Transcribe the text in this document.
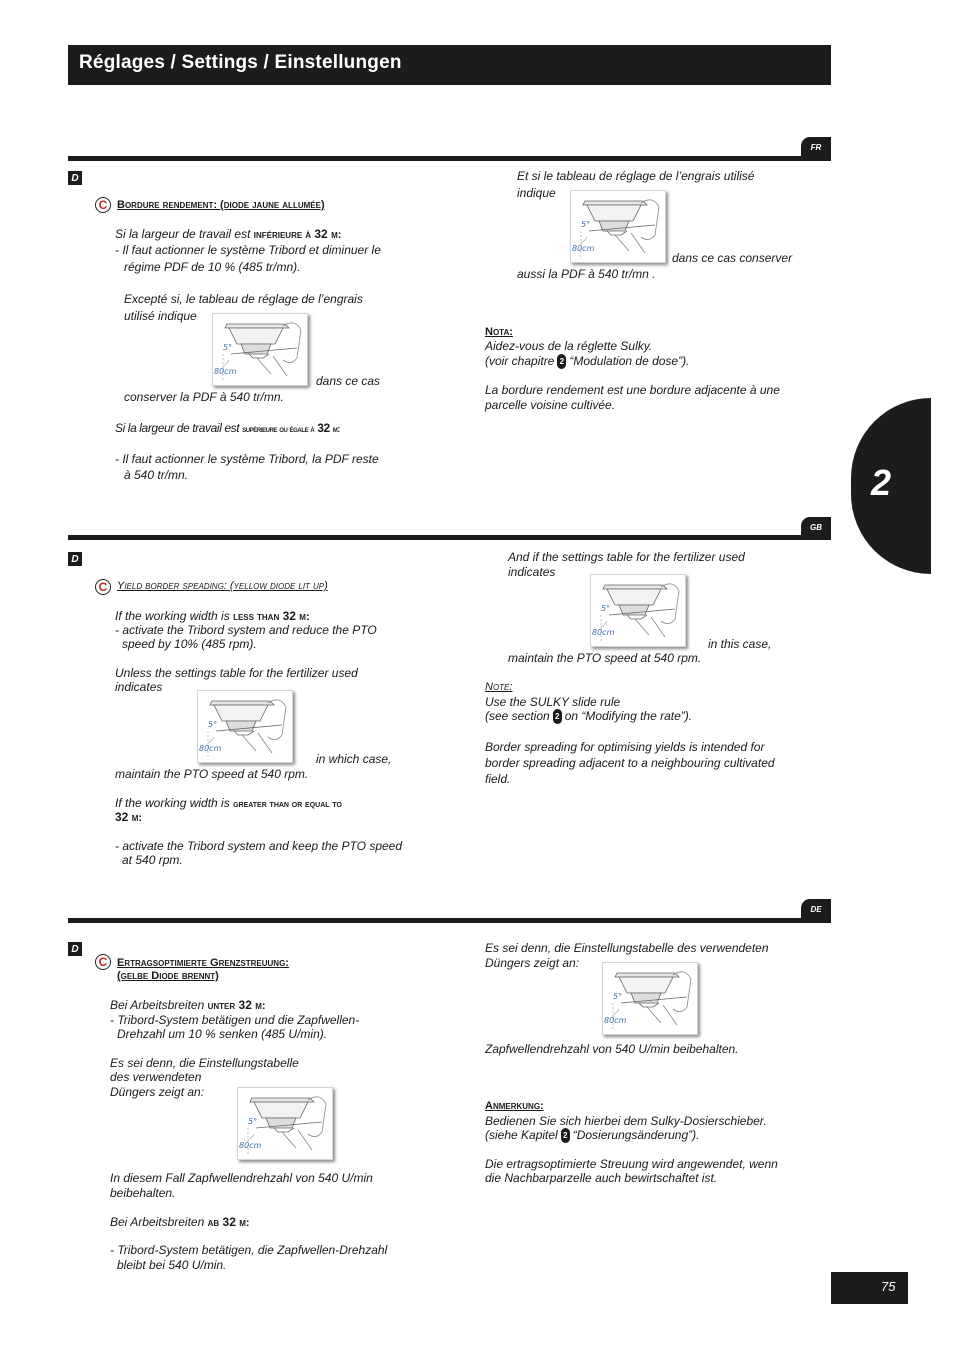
Réglages / Settings / Einstellungen
2
FR
D
C Bordure rendement: (diode jaune allumée)
Si la largeur de travail est inférieure à 32 m:
- Il faut actionner le système Tribord et diminuer le
régime PDF de 10 % (485 tr/mn).
Excepté si, le tableau de réglage de l’engrais
utilisé indique
5°
80cm
dans ce cas
conserver la PDF à 540 tr/mn.
Si la largeur de travail est supérieure ou égale à 32 m:
- Il faut actionner le système Tribord, la PDF reste
à 540 tr/mn.
Et si le tableau de réglage de l’engrais utilisé
indique
5°
80cm
dans ce cas conserver
aussi la PDF à 540 tr/mn .
Nota:
Aidez-vous de la réglette Sulky.
(voir chapitre 2 “Modulation de dose”).
La bordure rendement est une bordure adjacente à une
parcelle voisine cultivée.
GB
D
C Yield border speading: (yellow diode lit up)
If the working width is less than 32 m:
- activate the Tribord system and reduce the PTO
speed by 10% (485 rpm).
Unless the settings table for the fertilizer used
indicates
5°
80cm
in which case,
maintain the PTO speed at 540 rpm.
If the working width is greater than or equal to
32 m:
- activate the Tribord system and keep the PTO speed
at 540 rpm.
And if the settings table for the fertilizer used
indicates
5°
80cm
in this case,
maintain the PTO speed at 540 rpm.
Note:
Use the SULKY slide rule
(see section 2 on “Modifying the rate”).
Border spreading for optimising yields is intended for
border spreading adjacent to a neighbouring cultivated
field.
DE
D
C Ertragsoptimierte Grenzstreuung:
(gelbe Diode brennt)
Bei Arbeitsbreiten unter 32 m:
- Tribord-System betätigen und die Zapfwellen-
Drehzahl um 10 % senken (485 U/min).
Es sei denn, die Einstellungstabelle
des verwendeten
Düngers zeigt an:
5°
80cm
In diesem Fall Zapfwellendrehzahl von 540 U/min
beibehalten.
Bei Arbeitsbreiten ab 32 m:
- Tribord-System betätigen, die Zapfwellen-Drehzahl
bleibt bei 540 U/min.
Es sei denn, die Einstellungstabelle des verwendeten
Düngers zeigt an:
5°
80cm
Zapfwellendrehzahl von 540 U/min beibehalten.
Anmerkung:
Bedienen Sie sich hierbei dem Sulky-Dosierschieber.
(siehe Kapitel 2 “Dosierungsänderung”).
Die ertragsoptimierte Streuung wird angewendet, wenn
die Nachbarparzelle auch bewirtschaftet ist.
75
